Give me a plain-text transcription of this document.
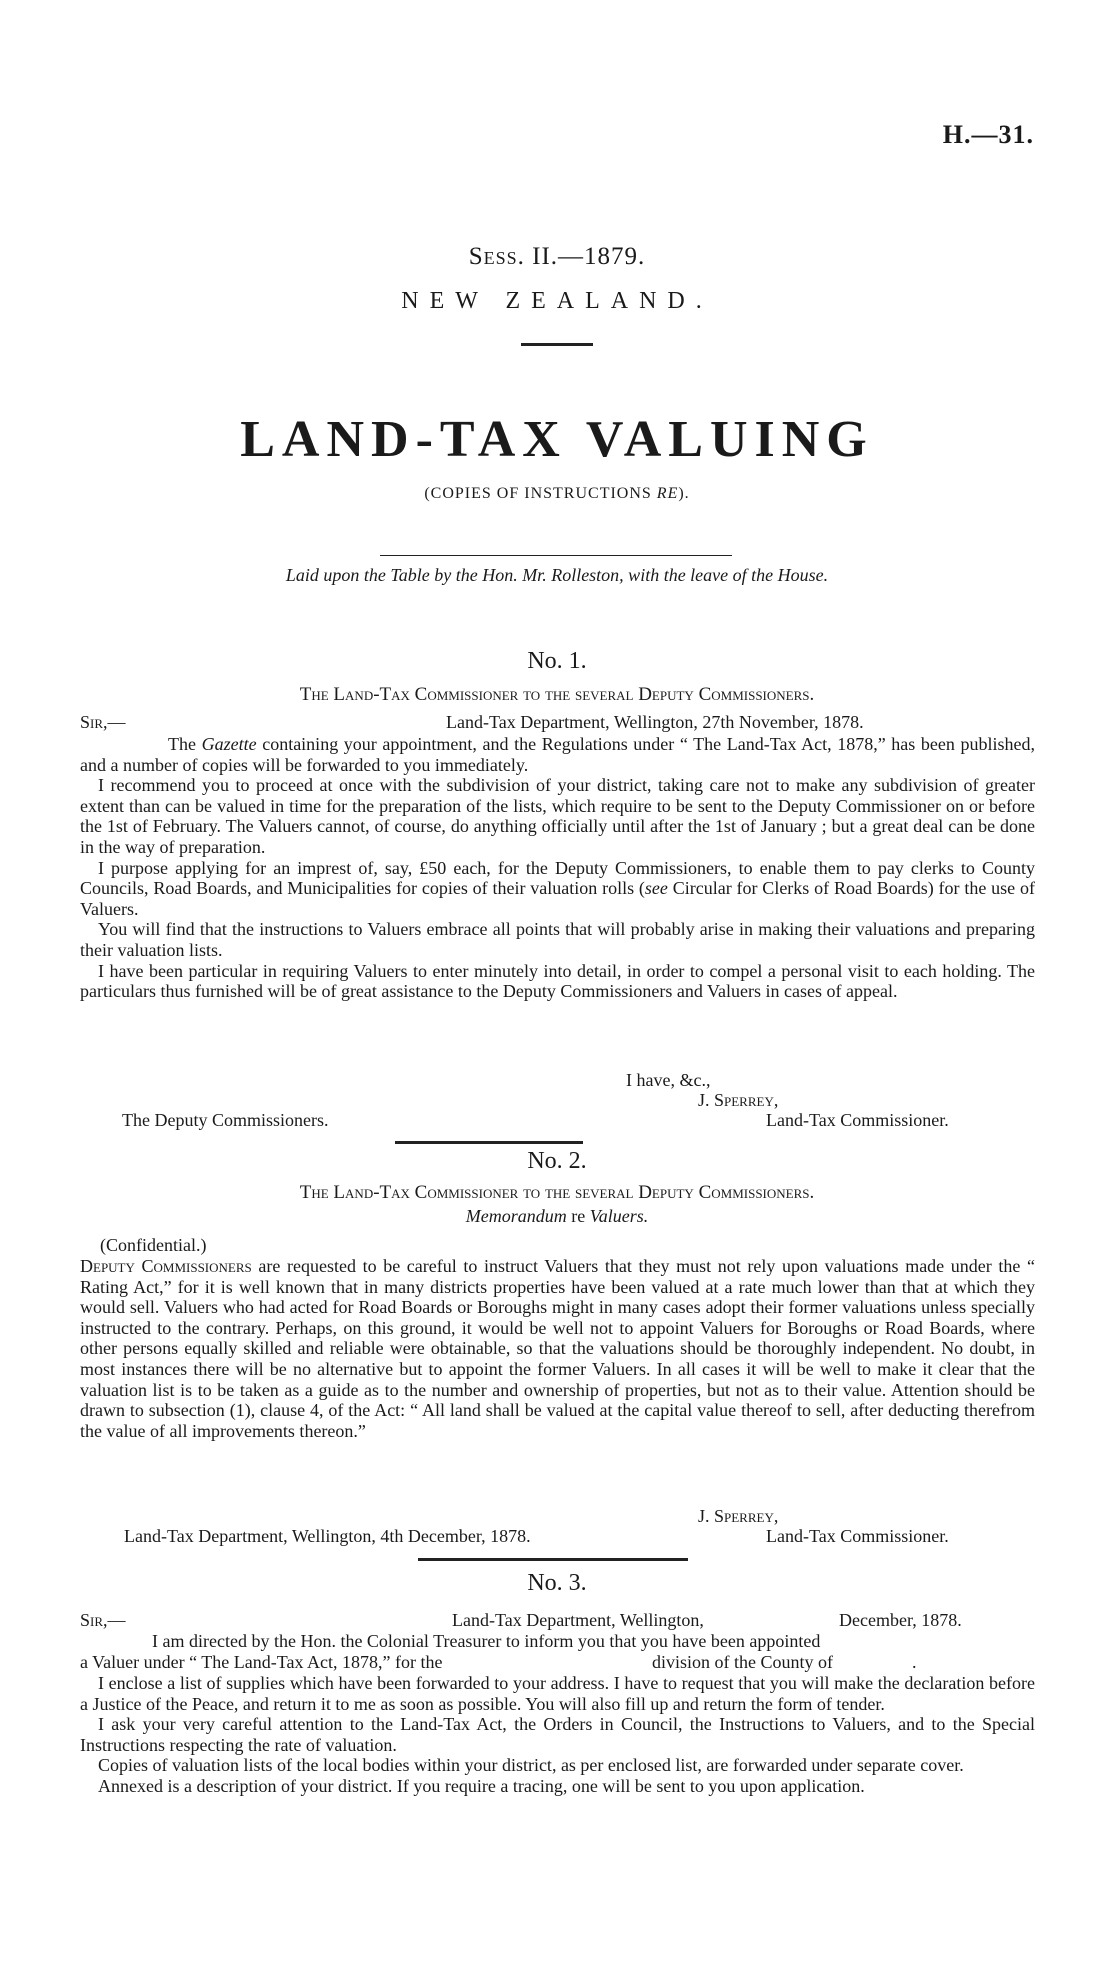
H.—31.
Sess. II.—1879.
NEW ZEALAND.
LAND-TAX VALUING
(COPIES OF INSTRUCTIONS RE).
Laid upon the Table by the Hon. Mr. Rolleston, with the leave of the House.
No. 1.
The Land-Tax Commissioner to the several Deputy Commissioners.
Sir,—	Land-Tax Department, Wellington, 27th November, 1878.

The Gazette containing your appointment, and the Regulations under “ The Land-Tax Act, 1878,” has been published, and a number of copies will be forwarded to you immediately.

I recommend you to proceed at once with the subdivision of your district, taking care not to make any subdivision of greater extent than can be valued in time for the preparation of the lists, which require to be sent to the Deputy Commissioner on or before the 1st of February. The Valuers cannot, of course, do anything officially until after the 1st of January ; but a great deal can be done in the way of preparation.

I purpose applying for an imprest of, say, £50 each, for the Deputy Commissioners, to enable them to pay clerks to County Councils, Road Boards, and Municipalities for copies of their valuation rolls (see Circular for Clerks of Road Boards) for the use of Valuers.

You will find that the instructions to Valuers embrace all points that will probably arise in making their valuations and preparing their valuation lists.

I have been particular in requiring Valuers to enter minutely into detail, in order to compel a personal visit to each holding. The particulars thus furnished will be of great assistance to the Deputy Commissioners and Valuers in cases of appeal.

I have, &c.,
J. Sperrey,
The Deputy Commissioners.	Land-Tax Commissioner.
No. 2.
The Land-Tax Commissioner to the several Deputy Commissioners.
Memorandum re Valuers.
(Confidential.)

Deputy Commissioners are requested to be careful to instruct Valuers that they must not rely upon valuations made under the “ Rating Act,” for it is well known that in many districts properties have been valued at a rate much lower than that at which they would sell. Valuers who had acted for Road Boards or Boroughs might in many cases adopt their former valuations unless specially instructed to the contrary. Perhaps, on this ground, it would be well not to appoint Valuers for Boroughs or Road Boards, where other persons equally skilled and reliable were obtainable, so that the valuations should be thoroughly independent. No doubt, in most instances there will be no alternative but to appoint the former Valuers. In all cases it will be well to make it clear that the valuation list is to be taken as a guide as to the number and ownership of properties, but not as to their value. Attention should be drawn to subsection (1), clause 4, of the Act: “ All land shall be valued at the capital value thereof to sell, after deducting therefrom the value of all improvements thereon.”

J. Sperrey,
Land-Tax Department, Wellington, 4th December, 1878.	Land-Tax Commissioner.
No. 3.
Sir,—	Land-Tax Department, Wellington,	December, 1878.
I am directed by the Hon. the Colonial Treasurer to inform you that you have been appointed
a Valuer under “ The Land-Tax Act, 1878,” for the	division of the County of	.

I enclose a list of supplies which have been forwarded to your address. I have to request that you will make the declaration before a Justice of the Peace, and return it to me as soon as possible. You will also fill up and return the form of tender.

I ask your very careful attention to the Land-Tax Act, the Orders in Council, the Instructions to Valuers, and to the Special Instructions respecting the rate of valuation.

Copies of valuation lists of the local bodies within your district, as per enclosed list, are forwarded under separate cover.

Annexed is a description of your district. If you require a tracing, one will be sent to you upon application.
